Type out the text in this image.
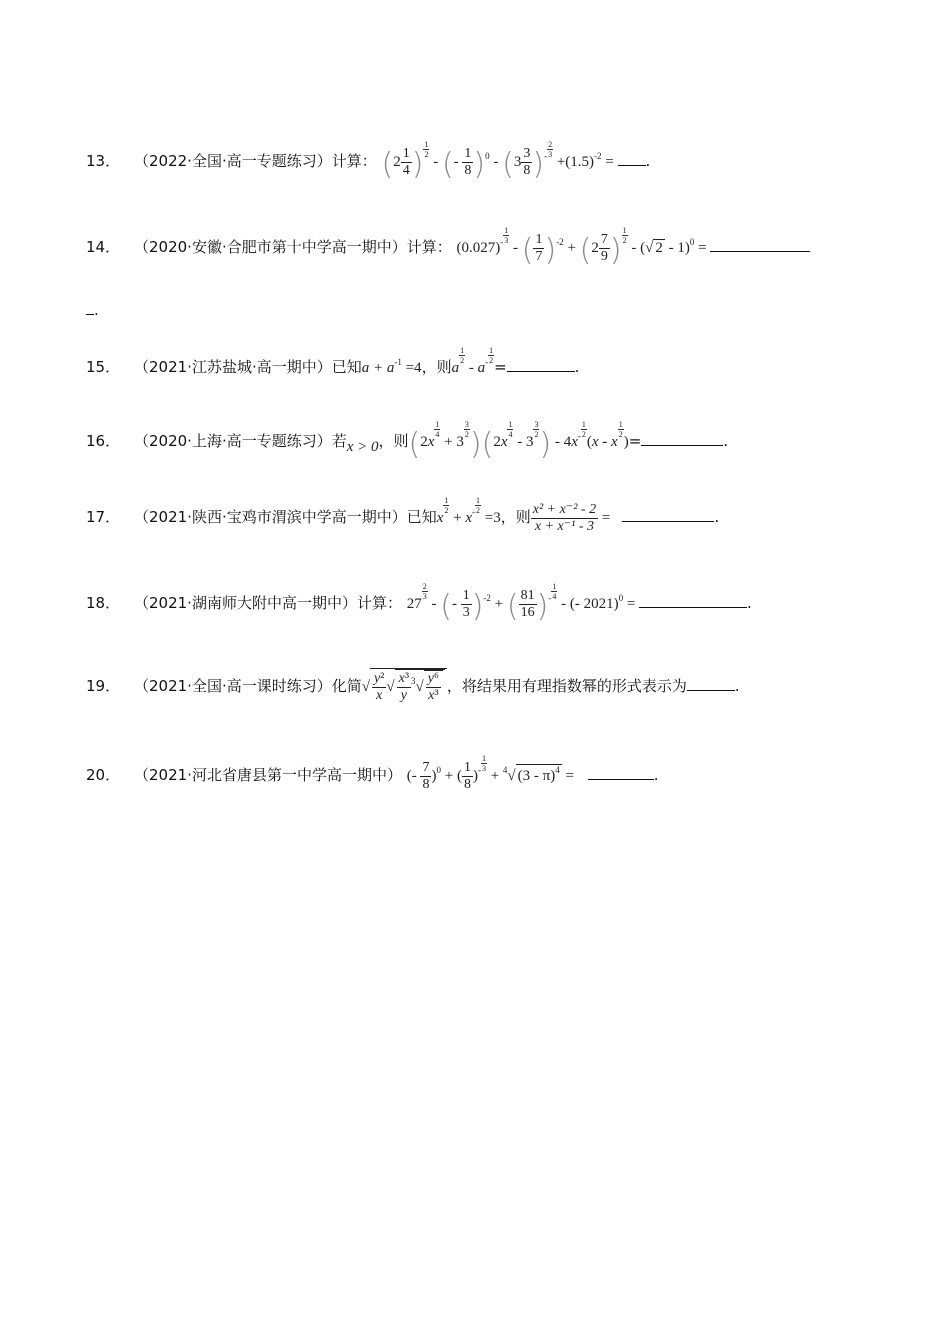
13． （2022·全国·高一专题练习）计算： ($2 \frac{1}{4}$ ) $\frac{1}{2}$
- (- $\frac{1}{8} )^0 - (3 \frac{3}{8} )^- \frac{2}{3}$
$+(1.5)^{-2}$ = .
14． （2020·安徽·合肥市第十中学高一期中）计算： $(0.027)^- \frac{1}{3}$
- ( $\frac{1}{7} )^{-2} + (2 \frac{7}{9}$ ) $\frac{1}{2}$
- (√ 2 - 1)$^0$ =
.
15． （2021·江苏盐城·高一期中）已知$a + a^{-1} =4$，则a
$\frac{1}{2}$
- $a^- \frac{1}{2}$
=	.
16． （2020·上海·高一专题练习）若x > 0，则(2x
$\frac{1}{4}$
+ 3
$\frac{3}{2} )(2x$
$\frac{1}{4}$
- 3
$\frac{3}{2}$ ) - $4x^- \frac{1}{2}$
(x - x
$\frac{1}{2}$
)=	.
17． （2021·陕西·宝鸡市渭滨中学高一期中）已知x
$\frac{1}{2}$
+ $x^- \frac{1}{2}$
=3，则 $\frac{\text{x² + x⁻² - 2}}{\text{x + x⁻¹ - 3}}$ =	.
18． （2021·湖南师大附中高一期中）计算： 27
$\frac{2}{3}$
- (- $\frac{1}{3} )^{-2}$ + ( $\frac{81}{16} )^- \frac{1}{4}$
- (- 2021)$^0$ =	.
19． （2021·全国·高一课时练习）化简√ $\frac{\text{y²}}{x}$ √ $\frac{\text{x³}}{y} ^3√ \frac{\text{y⁶}}{\text{x³}}$ ，将结果用有理指数幂的形式表示为	.
20． （2021·河北省唐县第一中学高一期中） (- $\frac{7}{8} )^0$ + ( $\frac{1}{8} )^- \frac{1}{3}$
+ $^4$√ (3 - π)$^4$ =	.
